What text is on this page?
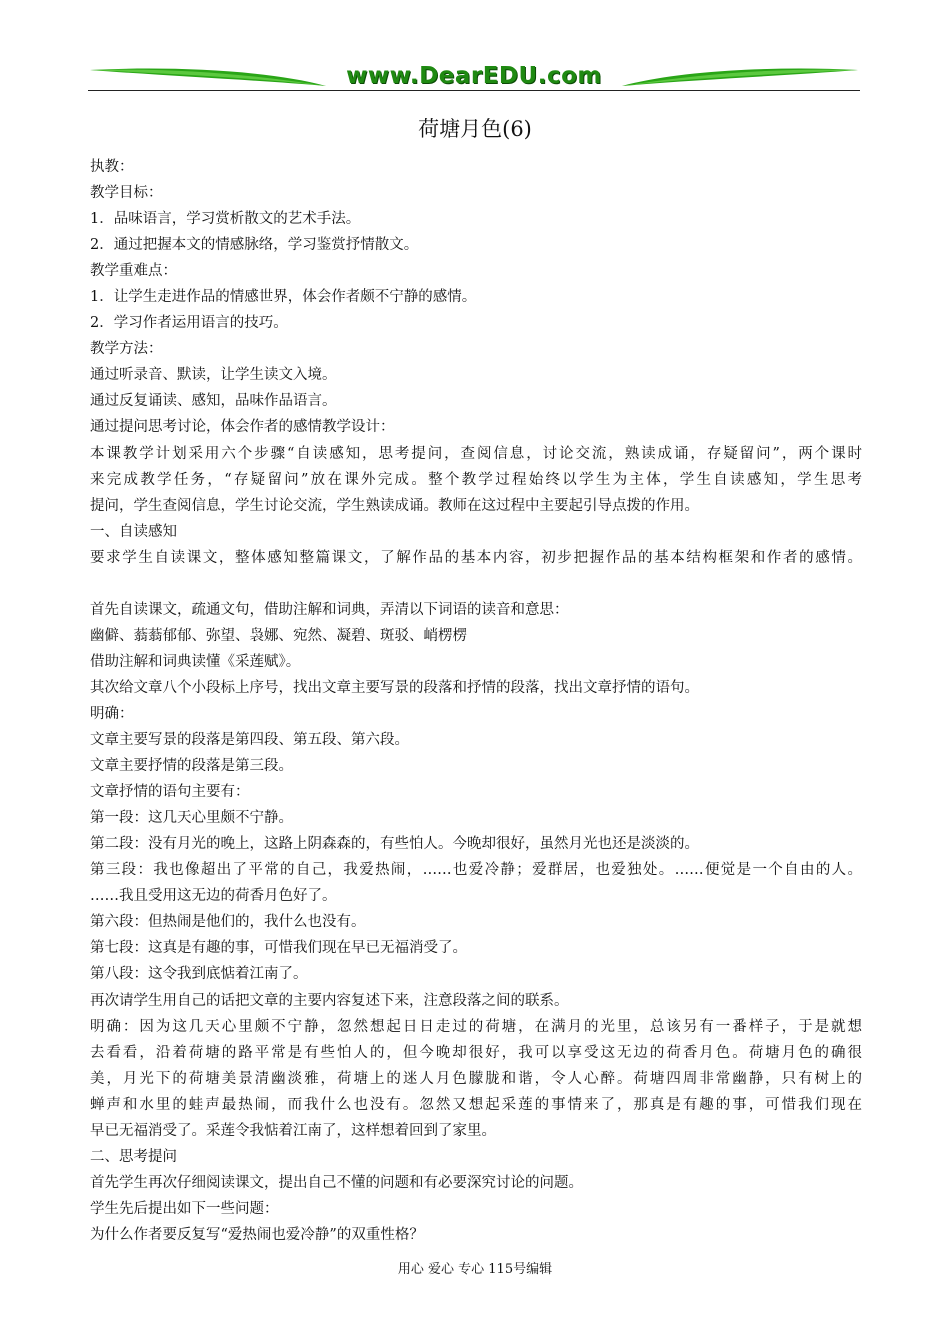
www.DearEDU.com
荷塘月色(6)
执教：
教学目标：
1．品味语言，学习赏析散文的艺术手法。
2．通过把握本文的情感脉络，学习鉴赏抒情散文。
教学重难点：
1．让学生走进作品的情感世界，体会作者颇不宁静的感情。
2．学习作者运用语言的技巧。
教学方法：
通过听录音、默读，让学生读文入境。
通过反复诵读、感知，品味作品语言。
通过提问思考讨论，体会作者的感情教学设计：
本课教学计划采用六个步骤“自读感知，思考提问，查阅信息，讨论交流，熟读成诵，存疑留问”，两个课时
来完成教学任务，“存疑留问”放在课外完成。整个教学过程始终以学生为主体，学生自读感知，学生思考
提问，学生查阅信息，学生讨论交流，学生熟读成诵。教师在这过程中主要起引导点拨的作用。
一、自读感知
要求学生自读课文，整体感知整篇课文，了解作品的基本内容，初步把握作品的基本结构框架和作者的感情。
首先自读课文，疏通文句，借助注解和词典，弄清以下词语的读音和意思：
幽僻、蓊蓊郁郁、弥望、袅娜、宛然、凝碧、斑驳、峭楞楞
借助注解和词典读懂《采莲赋》。
其次给文章八个小段标上序号，找出文章主要写景的段落和抒情的段落，找出文章抒情的语句。
明确：
文章主要写景的段落是第四段、第五段、第六段。
文章主要抒情的段落是第三段。
文章抒情的语句主要有：
第一段：这几天心里颇不宁静。
第二段：没有月光的晚上，这路上阴森森的，有些怕人。今晚却很好，虽然月光也还是淡淡的。
第三段：我也像超出了平常的自己，我爱热闹，……也爱冷静；爱群居，也爱独处。……便觉是一个自由的人。
……我且受用这无边的荷香月色好了。
第六段：但热闹是他们的，我什么也没有。
第七段：这真是有趣的事，可惜我们现在早已无福消受了。
第八段：这令我到底惦着江南了。
再次请学生用自己的话把文章的主要内容复述下来，注意段落之间的联系。
明确：因为这几天心里颇不宁静，忽然想起日日走过的荷塘，在满月的光里，总该另有一番样子，于是就想
去看看，沿着荷塘的路平常是有些怕人的，但今晚却很好，我可以享受这无边的荷香月色。荷塘月色的确很
美，月光下的荷塘美景清幽淡雅，荷塘上的迷人月色朦胧和谐，令人心醉。荷塘四周非常幽静，只有树上的
蝉声和水里的蛙声最热闹，而我什么也没有。忽然又想起采莲的事情来了，那真是有趣的事，可惜我们现在
早已无福消受了。采莲令我惦着江南了，这样想着回到了家里。
二、思考提问
首先学生再次仔细阅读课文，提出自己不懂的问题和有必要深究讨论的问题。
学生先后提出如下一些问题：
为什么作者要反复写“爱热闹也爱冷静”的双重性格？
用心 爱心 专心 115号编辑
